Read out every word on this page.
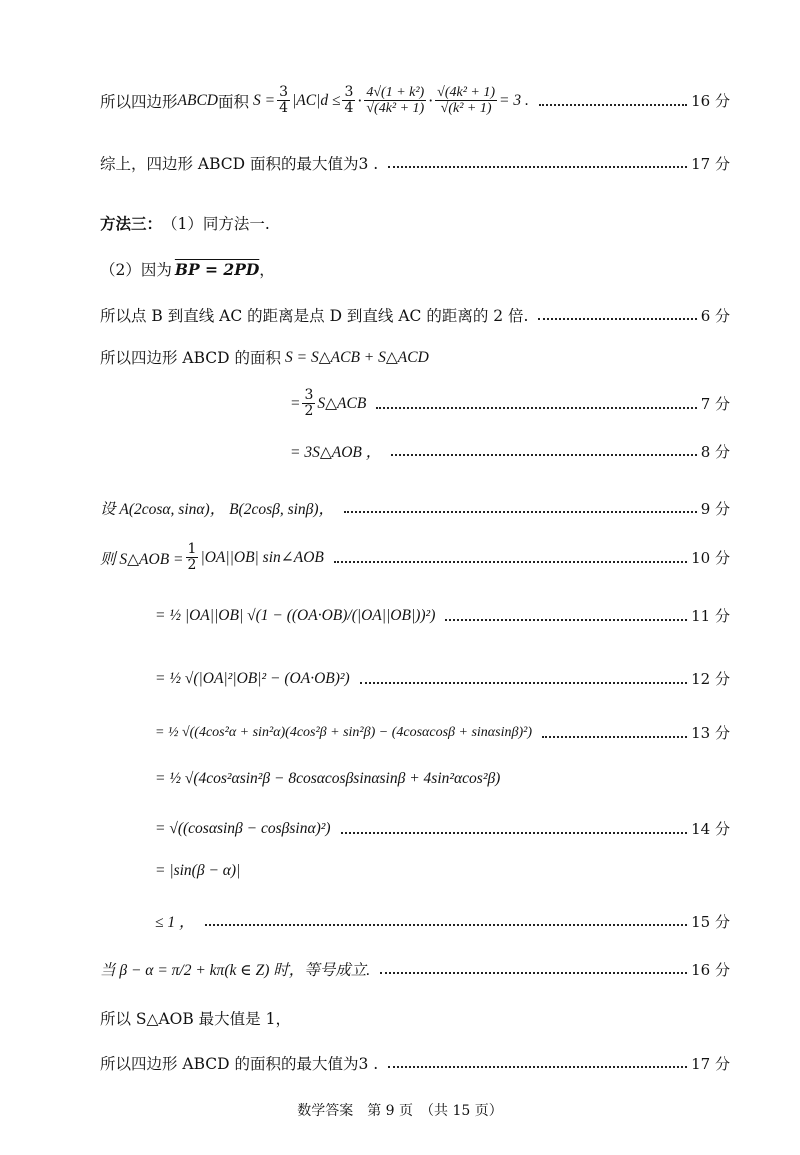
所以四边形 ABCD 面积 $S = \frac{3}{4} |AC|d \le \frac{3}{4} \cdot \frac{\text{4√(1 + k²)}}{\text{√(4k² + 1)}} \cdot \frac{\text{√(4k² + 1)}}{\text{√(k² + 1)}} = 3$ .	16 分
综上，四边形 ABCD 面积的最大值为3 .	17 分
方法三： （1）同方法一.
（2）因为 BP = 2PD ，
所以点 B 到直线 AC 的距离是点 D 到直线 AC 的距离的 2 倍.	6 分
所以四边形 ABCD 的面积 S = S△ACB + S△ACD
= $\frac{3}{2}$ S△ACB	7 分
= 3S△AOB ，	8 分
设 A(2cosα, sinα)， B(2cosβ, sinβ)，	9 分
则 S△AOB = $\frac{1}{2} |OA||OB|$ sin∠AOB	10 分
= ½ |OA||OB| √(1 − ((OA·OB)/(|OA||OB|))²)	11 分
= ½ √(|OA|²|OB|² − (OA·OB)²)	12 分
= ½ √((4cos²α + sin²α)(4cos²β + sin²β) − (4cosαcosβ + sinαsinβ)²)	13 分
= ½ √(4cos²αsin²β − 8cosαcosβsinαsinβ + 4sin²αcos²β)
= √((cosαsinβ − cosβsinα)²)	14 分
= |sin(β − α)|
≤ 1 ，	15 分
当 β − α = π/2 + kπ(k ∈ Z) 时，等号成立.	16 分
所以 S△AOB 最大值是 1，
所以四边形 ABCD 的面积的最大值为3 .	17 分
数学答案　第 9 页　（共 15 页）
